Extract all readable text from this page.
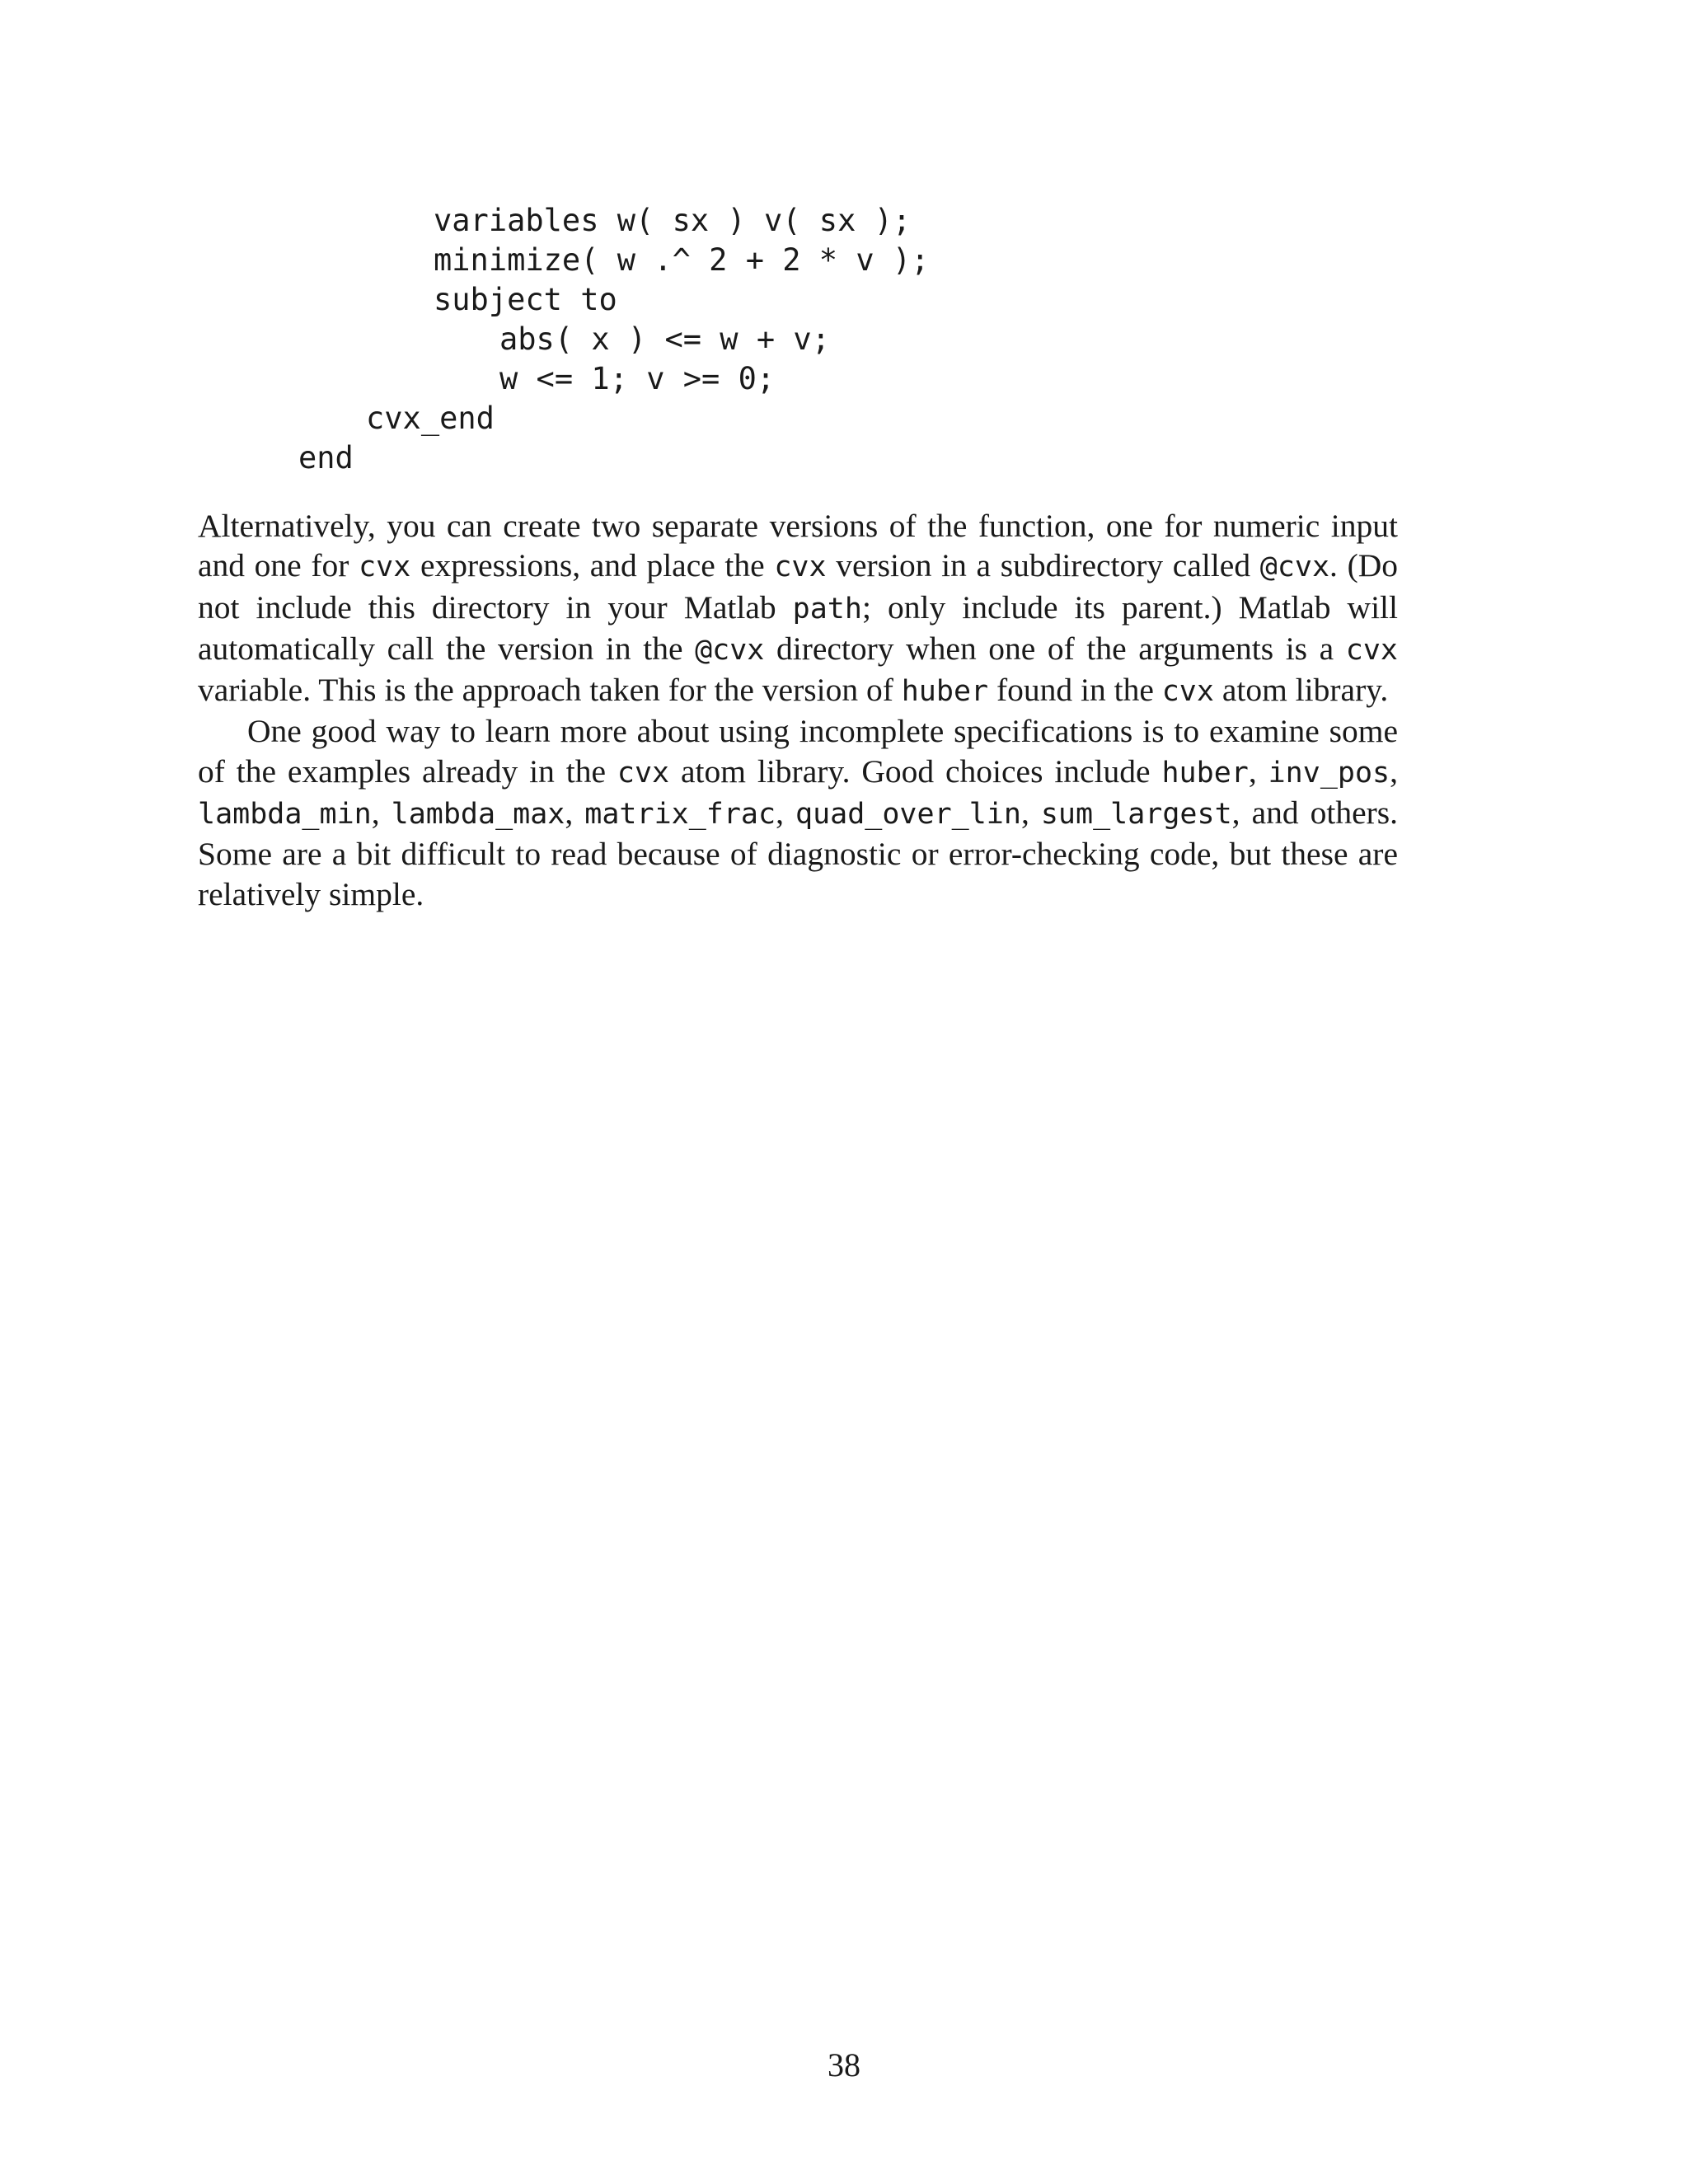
variables w( sx ) v( sx );
minimize( w .^ 2 + 2 * v );
subject to
abs( x ) <= w + v;
w <= 1; v >= 0;
cvx_end
end

Alternatively, you can create two separate versions of the function, one for numeric input and one for cvx expressions, and place the cvx version in a subdirectory called @cvx. (Do not include this directory in your Matlab path; only include its parent.) Matlab will automatically call the version in the @cvx directory when one of the arguments is a cvx variable. This is the approach taken for the version of huber found in the cvx atom library.

One good way to learn more about using incomplete specifications is to examine some of the examples already in the cvx atom library. Good choices include huber, inv_pos, lambda_min, lambda_max, matrix_frac, quad_over_lin, sum_largest, and others. Some are a bit difficult to read because of diagnostic or error-checking code, but these are relatively simple.

38
